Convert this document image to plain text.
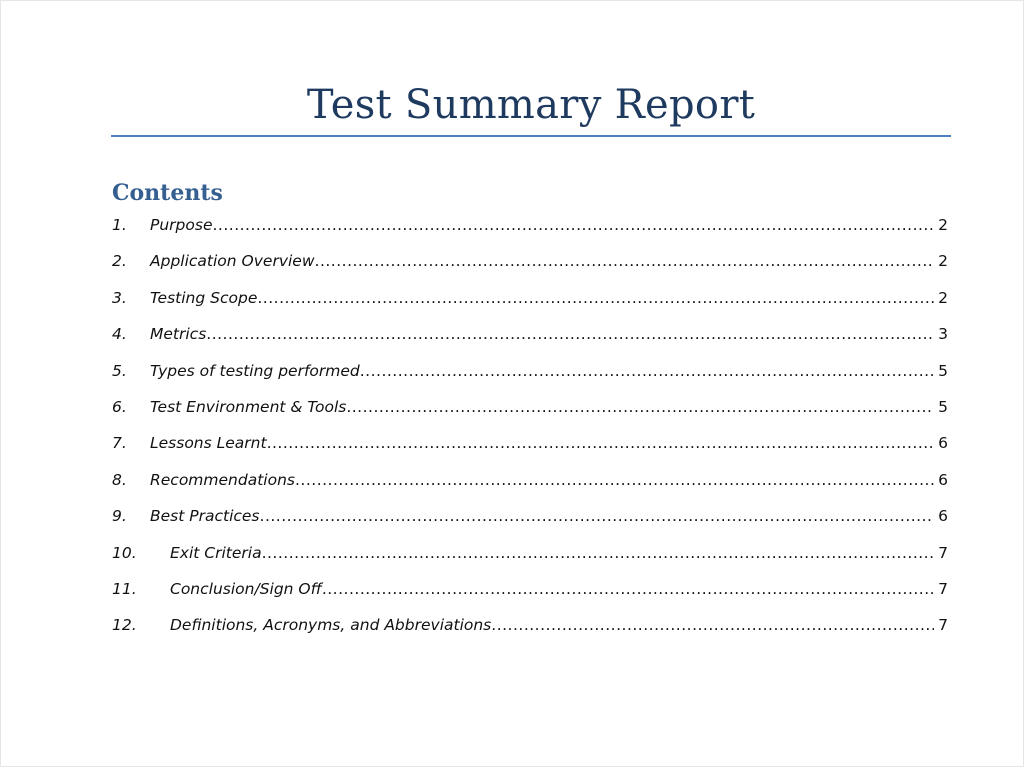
Test Summary Report
Contents
1.	Purpose .....	2
2.	Application Overview .....	2
3.	Testing Scope .....	2
4.	Metrics .....	3
5.	Types of testing performed .....	5
6.	Test Environment & Tools .....	5
7.	Lessons Learnt .....	6
8.	Recommendations .....	6
9.	Best Practices .....	6
10.	Exit Criteria .....	7
11.	Conclusion/Sign Off .....	7
12.	Definitions, Acronyms, and Abbreviations .....	7
